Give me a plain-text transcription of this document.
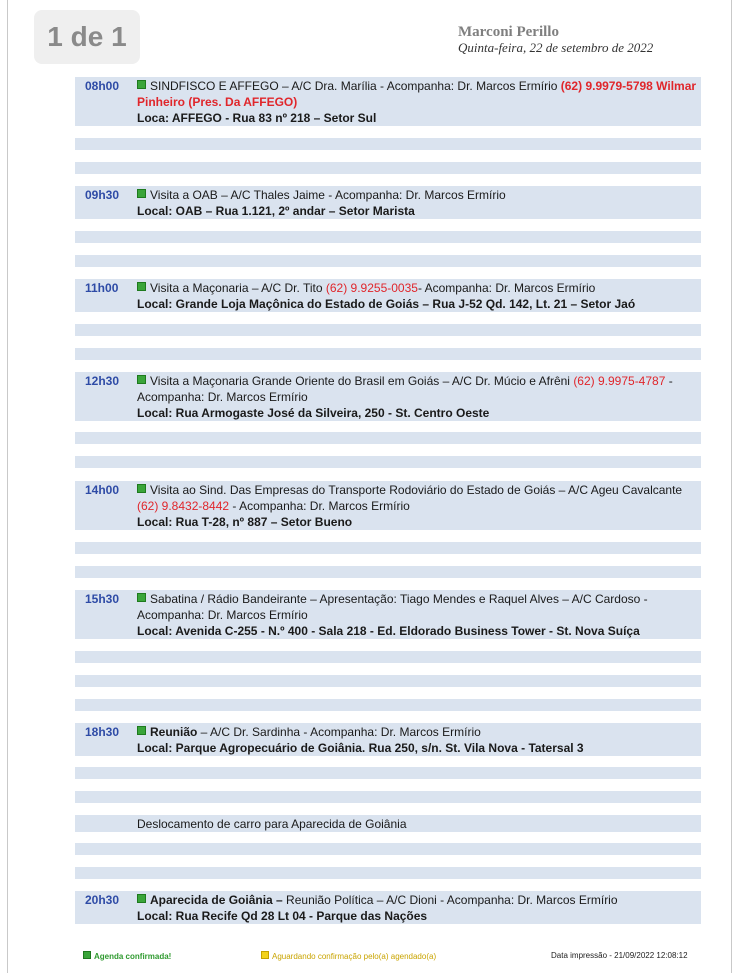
1 de 1	Marconi Perillo
Quinta-feira, 22 de setembro de 2022
08h00	SINDFISCO E AFFEGO – A/C Dra. Marília - Acompanha: Dr. Marcos Ermírio (62) 9.9979-5798 Wilmar Pinheiro (Pres. Da AFFEGO)
Loca: AFFEGO - Rua 83 nº 218 – Setor Sul
09h30	Visita a OAB – A/C Thales Jaime - Acompanha: Dr. Marcos Ermírio
Local: OAB – Rua 1.121, 2º andar – Setor Marista
11h00	Visita a Maçonaria – A/C Dr. Tito (62) 9.9255-0035- Acompanha: Dr. Marcos Ermírio
Local: Grande Loja Maçônica do Estado de Goiás – Rua J-52 Qd. 142, Lt. 21 – Setor Jaó
12h30	Visita a Maçonaria Grande Oriente do Brasil em Goiás – A/C Dr. Múcio e Afrêni (62) 9.9975-4787 - Acompanha: Dr. Marcos Ermírio
Local: Rua Armogaste José da Silveira, 250 - St. Centro Oeste
14h00	Visita ao Sind. Das Empresas do Transporte Rodoviário do Estado de Goiás – A/C Ageu Cavalcante (62) 9.8432-8442 - Acompanha: Dr. Marcos Ermírio
Local: Rua T-28, nº 887 – Setor Bueno
15h30	Sabatina / Rádio Bandeirante – Apresentação: Tiago Mendes e Raquel Alves – A/C Cardoso - Acompanha: Dr. Marcos Ermírio
Local: Avenida C-255 - N.º 400 - Sala 218 - Ed. Eldorado Business Tower - St. Nova Suíça
18h30	Reunião – A/C Dr. Sardinha - Acompanha: Dr. Marcos Ermírio
Local: Parque Agropecuário de Goiânia. Rua 250, s/n. St. Vila Nova - Tatersal 3
Deslocamento de carro para Aparecida de Goiânia
20h30	Aparecida de Goiânia – Reunião Política – A/C Dioni - Acompanha: Dr. Marcos Ermírio
Local: Rua Recife Qd 28 Lt 04 - Parque das Nações
Agenda confirmada!	Aguardando confirmação pelo(a) agendado(a)	Data impressão - 21/09/2022 12:08:12
